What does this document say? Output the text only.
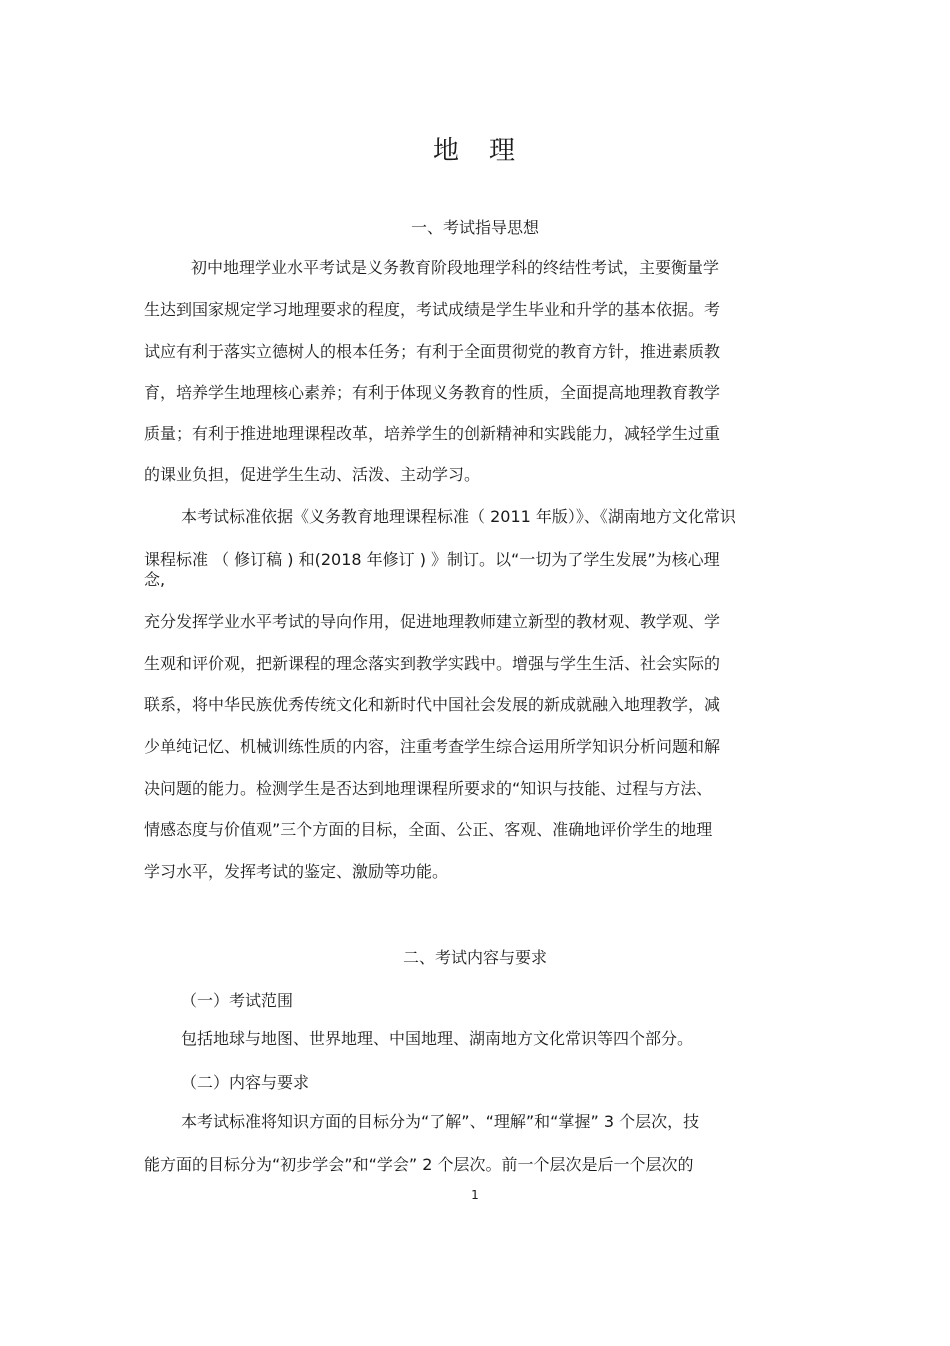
地 理
一、考试指导思想
初中地理学业水平考试是义务教育阶段地理学科的终结性考试，主要衡量学
生达到国家规定学习地理要求的程度，考试成绩是学生毕业和升学的基本依据。考
试应有利于落实立德树人的根本任务；有利于全面贯彻党的教育方针，推进素质教
育，培养学生地理核心素养；有利于体现义务教育的性质，全面提高地理教育教学
质量；有利于推进地理课程改革，培养学生的创新精神和实践能力，减轻学生过重
的课业负担，促进学生生动、活泼、主动学习。
本考试标准依据《义务教育地理课程标准（ 2011 年版）》、《湖南地方文化常识
课程标准 （ 修订稿 ) 和(2018 年修订 ) 》制订。以“一切为了学生发展”为核心理
念,
充分发挥学业水平考试的导向作用，促进地理教师建立新型的教材观、教学观、学
生观和评价观，把新课程的理念落实到教学实践中。增强与学生生活、社会实际的
联系，将中华民族优秀传统文化和新时代中国社会发展的新成就融入地理教学，减
少单纯记忆、机械训练性质的内容，注重考查学生综合运用所学知识分析问题和解
决问题的能力。检测学生是否达到地理课程所要求的“知识与技能、过程与方法、
情感态度与价值观”三个方面的目标，全面、公正、客观、准确地评价学生的地理
学习水平，发挥考试的鉴定、激励等功能。
二、考试内容与要求
（一）考试范围
包括地球与地图、世界地理、中国地理、湖南地方文化常识等四个部分。
（二）内容与要求
本考试标准将知识方面的目标分为“了解”、“理解”和“掌握” 3 个层次，技
能方面的目标分为“初步学会”和“学会” 2 个层次。前一个层次是后一个层次的
1
